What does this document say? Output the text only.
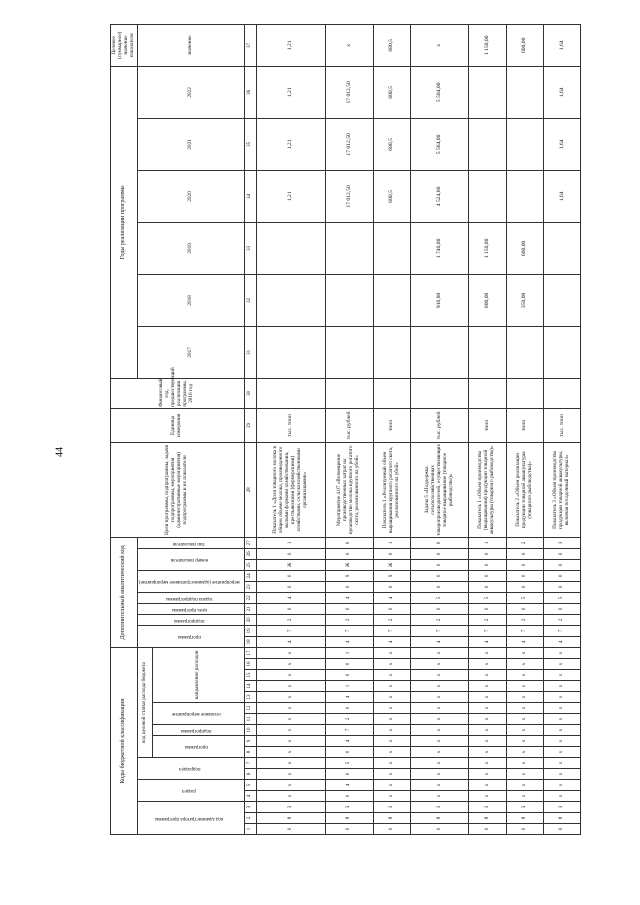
44
Коды бюджетной классификации																	Дополнительный аналитический код										Цели программы, подпрограммы, задачи подпрограммы, мероприятия (административные мероприятия) подпрограммы и их показатели	Единица измерения	Финансовый год, предшествующий реализации программы, 2016 год	Годы реализации программы						Целевое (суммарное) значение показателя
код администратора программы			раздел		подраздел		код целевой статьи расхода бюджета										программа		подпрограмма	цель программы	задача подпрограммы	мероприятие (административное мероприятие)		номер показателя		тип показателя				2017	2018	2019	2020	2021	2022	значение
							программа		подпрограмма	основное мероприятие		направление расходов																								
1	2	3	4	5	6	7	8	9	10	11	12	13	14	15	16	17	18	19	20	21	22	23	24	25	26	27	28	29	30	31	32	33	34	35	36	37
0	8	3	х	х	х	х	х	х	х	х	х	х	х	х	х	х	4	7	2	0	4	0	0	Ж	0	1	Показатель 1 «Доля товарного молока в общем объеме молока, произведенного малыми формами хозяйствования, крестьянскими (фермерскими) хозяйствами, сельскохозяйственными организациями»	тыс. тонн					1,21	1,21	1,21	1,21
0	8	3	0	4	0	5	0	4	7	2	0	4	1	0	0	1	4	7	2	0	4	0	9	Ж	0	0	Мероприятие 4.07 «Возмещение производственных затрат на производство молока крупного рогатого скота, реализованного на убой»	тыс. рублей					17 012,50	17 012,50	17 012,50	х
0	8	3	х	х	х	х	х	х	х	х	х	х	х	х	х	х	4	7	2	0	4	0	9	Ж	0	1	Показатель 1 «Реализуемый объем выращивания крупного рогатого скота, реализованного на убой»	тонн					680,5	680,5	680,5	680,5
0	8	3	х	х	х	х	х	х	х	х	х	х	х	х	х	х	4	7	2	0	5	0	0	0	0	0	Задача 5 «Поддержка сельскохозяйственных товаропроизводителей, осуществляющих товарное выращивание (товарное рыбоводство)»	тыс. рублей			916,80	1 740,00	4 524,00	5 564,00	5 584,00	х
0	8	3	х	х	х	х	х	х	х	х	х	х	х	х	х	х	4	7	2	0	5	0	0	0	0	1	Показатель 1 «Объем производства (выращивания) продукции товарной аквакультуры (товарного рыбоводства)»	тонн			800,00	1 150,00				1 150,00
0	8	3	х	х	х	х	х	х	х	х	х	х	х	х	х	х	4	7	2	0	5	0	0	0	0	2	Показатель 2 «Объем реализации продукции товарной аквакультуры (товарного рыбоводства)»	тонн			350,00	600,00				600,00
0	8	3	х	х	х	х	х	х	х	х	х	х	х	х	х	х	4	7	2	0	5	0	0	0	0	3	Показатель 3 «Объем производства продукции товарной аквакультуры, включая посадочный материал»	тыс. тонн					1,64	1,64	1,64	1,64
